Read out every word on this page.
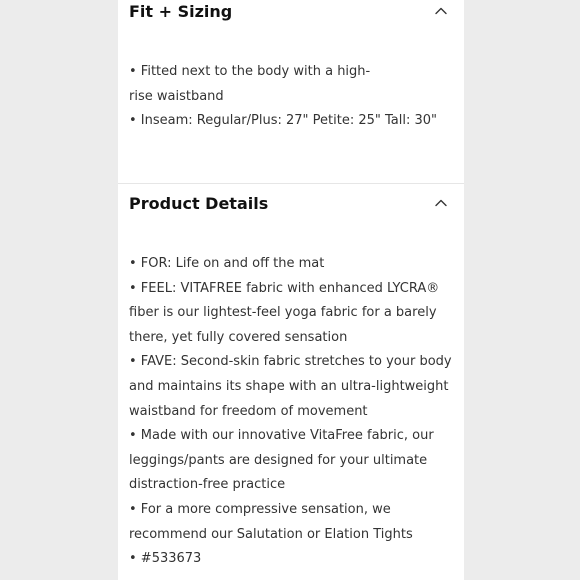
Fit + Sizing
• Fitted next to the body with a high-
rise waistband
• Inseam: Regular/Plus: 27" Petite: 25" Tall: 30"
Product Details
• FOR: Life on and off the mat
• FEEL: VITAFREE fabric with enhanced LYCRA®
fiber is our lightest-feel yoga fabric for a barely
there, yet fully covered sensation
• FAVE: Second-skin fabric stretches to your body
and maintains its shape with an ultra-lightweight
waistband for freedom of movement
• Made with our innovative VitaFree fabric, our
leggings/pants are designed for your ultimate
distraction-free practice
• For a more compressive sensation, we
recommend our Salutation or Elation Tights
• #533673
